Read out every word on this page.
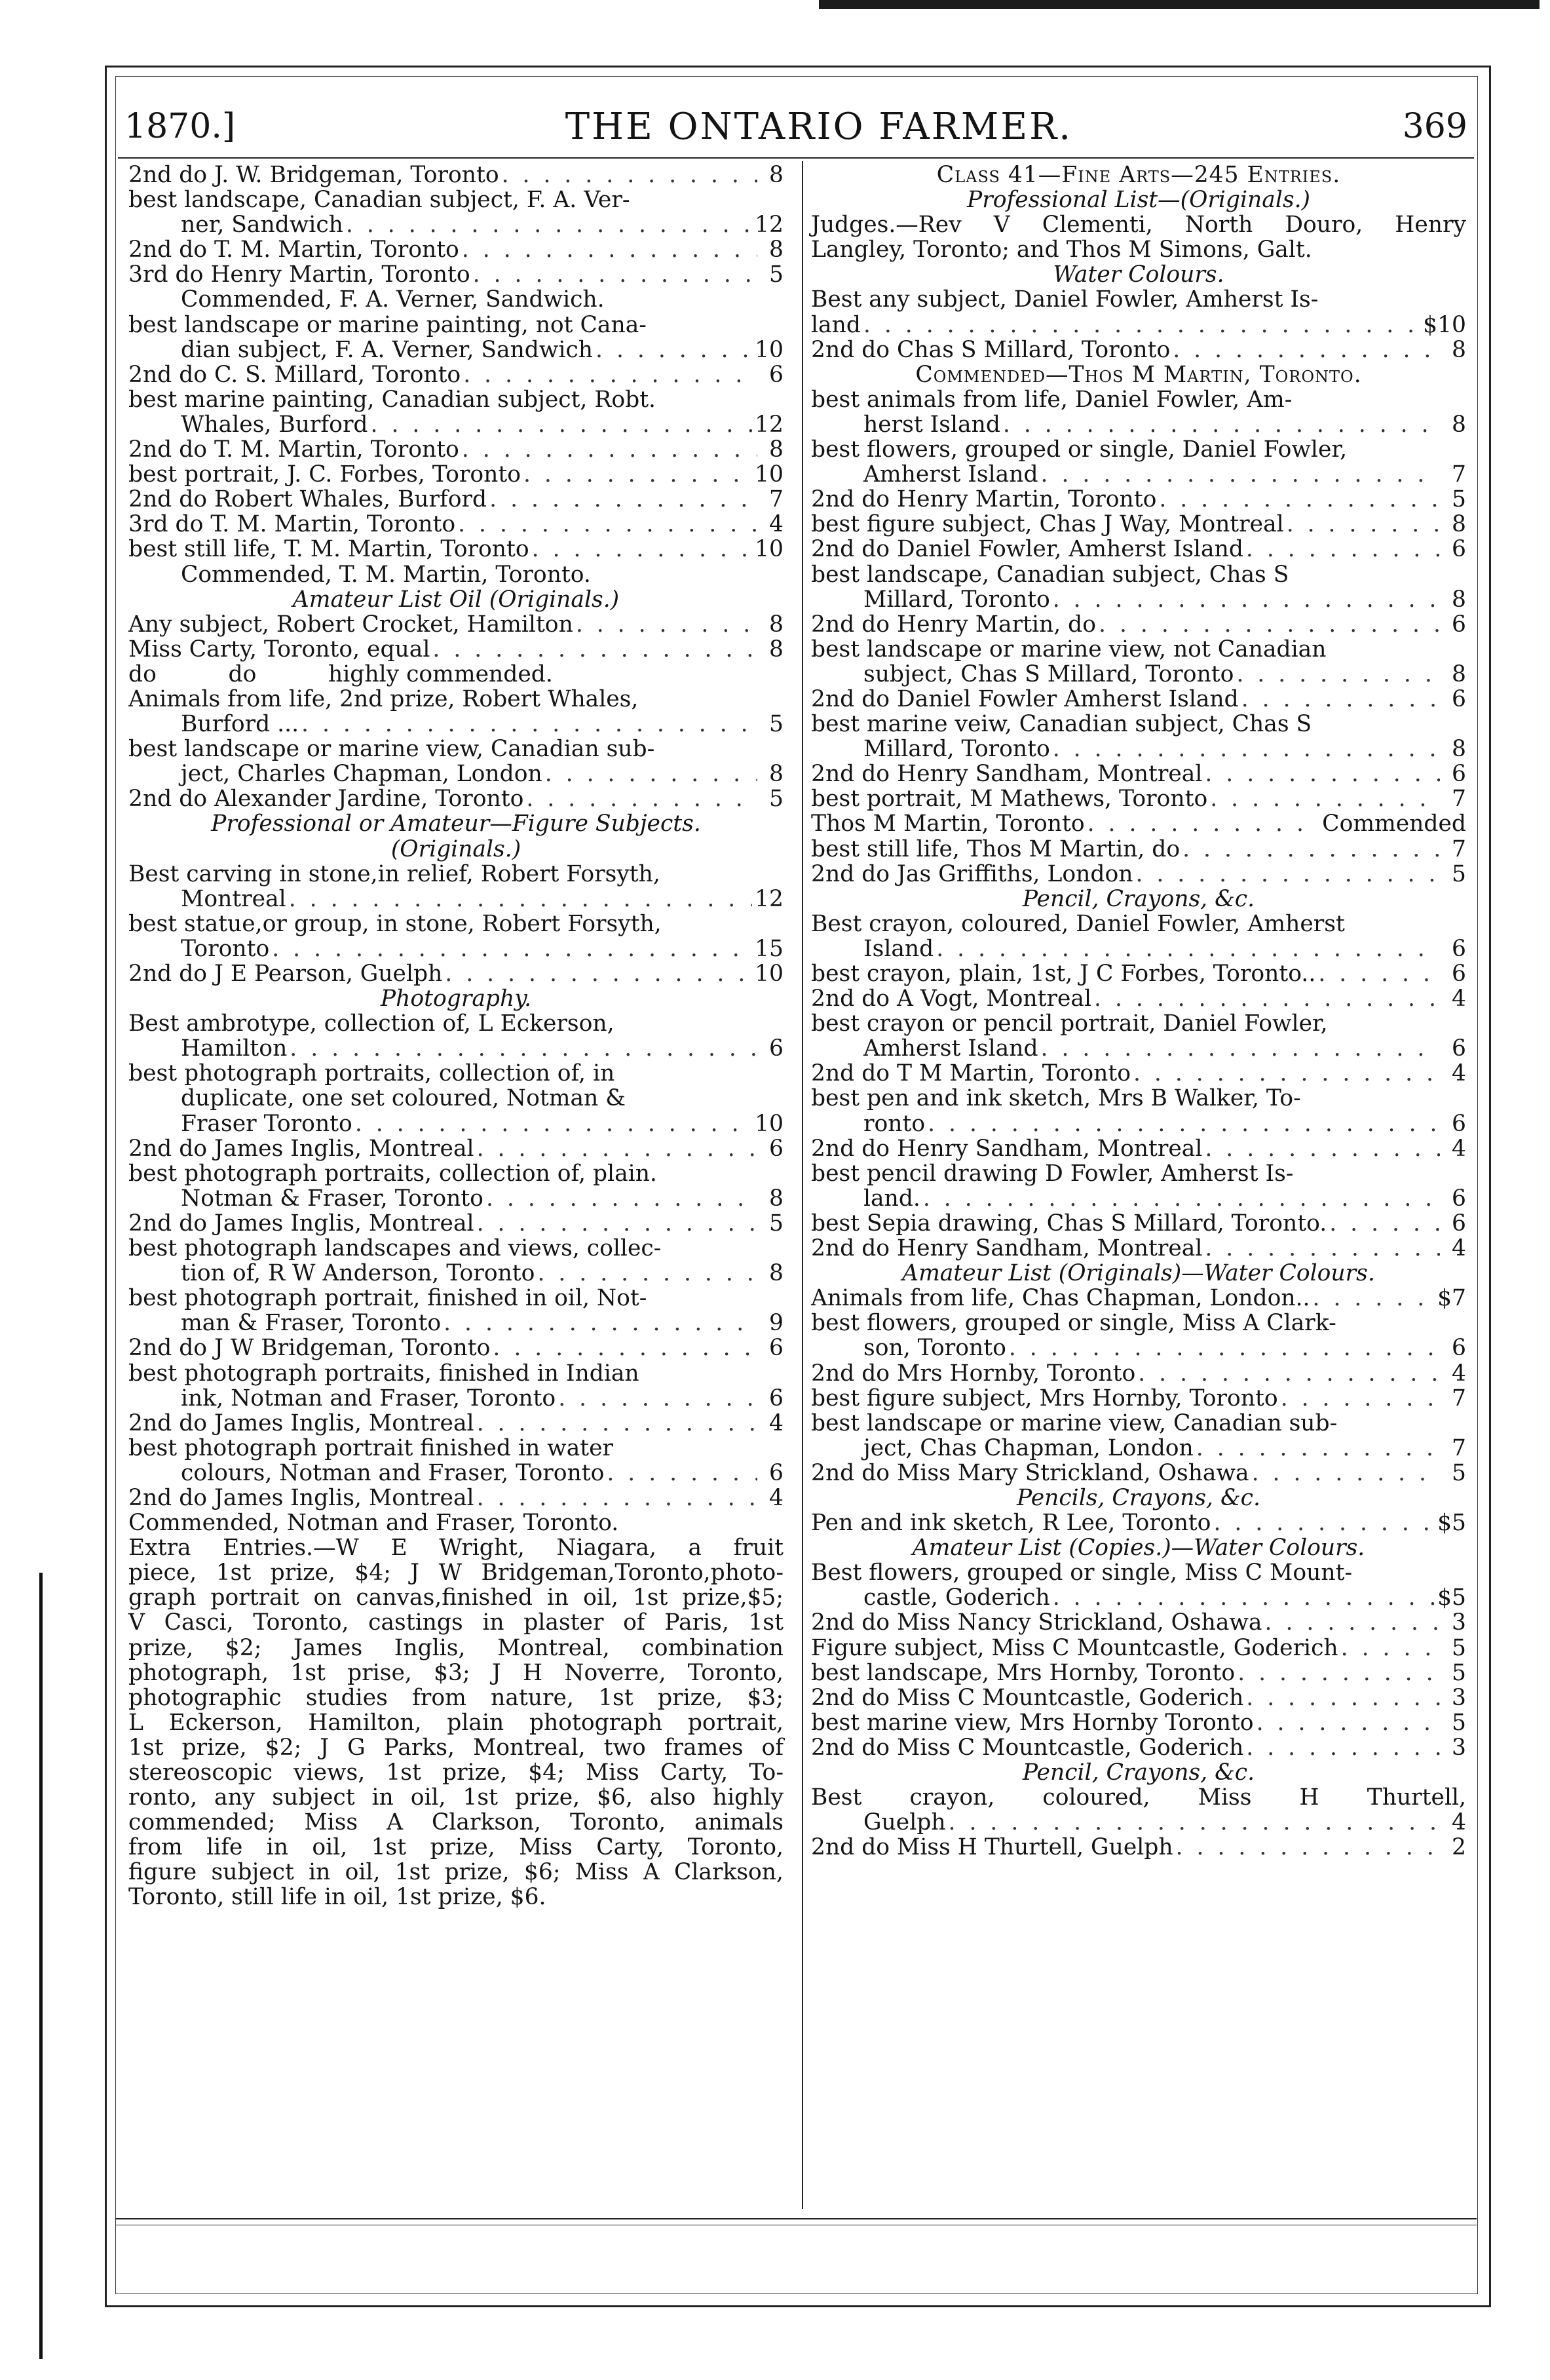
1870.]	THE ONTARIO FARMER.	369
2nd do J. W. Bridgeman, Toronto . . .	8
best landscape, Canadian subject, F. A. Ver-
ner, Sandwich . . .	12
2nd do T. M. Martin, Toronto . . .	8
3rd do Henry Martin, Toronto . . .	5
Commended, F. A. Verner, Sandwich.
best landscape or marine painting, not Cana-
dian subject, F. A. Verner, Sandwich . . .	10
2nd do C. S. Millard, Toronto . . .	6
best marine painting, Canadian subject, Robt.
Whales, Burford . . .	12
2nd do T. M. Martin, Toronto . . .	8
best portrait, J. C. Forbes, Toronto . . .	10
2nd do Robert Whales, Burford . . .	7
3rd do T. M. Martin, Toronto . . .	4
best still life, T. M. Martin, Toronto . . .	10
Commended, T. M. Martin, Toronto.
Amateur List Oil (Originals.)
Any subject, Robert Crocket, Hamilton . . .	8
Miss Carty, Toronto, equal . . .	8
do          do          highly commended.
Animals from life, 2nd prize, Robert Whales,
Burford ... . . .	5
best landscape or marine view, Canadian sub-
ject, Charles Chapman, London . . .	8
2nd do Alexander Jardine, Toronto . . .	5
Professional or Amateur—Figure Subjects.
(Originals.)
Best carving in stone,in relief, Robert Forsyth,
Montreal . . .	12
best statue,or group, in stone, Robert Forsyth,
Toronto . . .	15
2nd do J E Pearson, Guelph . . .	10
Photography.
Best ambrotype, collection of, L Eckerson,
Hamilton . . .	6
best photograph portraits, collection of, in
duplicate, one set coloured, Notman &
Fraser Toronto . . .	10
2nd do James Inglis, Montreal . . .	6
best photograph portraits, collection of, plain.
Notman & Fraser, Toronto . . .	8
2nd do James Inglis, Montreal . . .	5
best photograph landscapes and views, collec-
tion of, R W Anderson, Toronto . . .	8
best photograph portrait, finished in oil, Not-
man & Fraser, Toronto . . .	9
2nd do J W Bridgeman, Toronto . . .	6
best photograph portraits, finished in Indian
ink, Notman and Fraser, Toronto . . .	6
2nd do James Inglis, Montreal . . .	4
best photograph portrait finished in water
colours, Notman and Fraser, Toronto . . .	6
2nd do James Inglis, Montreal . . .	4
Commended, Notman and Fraser, Toronto.
Extra Entries.—W E Wright, Niagara, a fruit
piece, 1st prize, $4; J W Bridgeman,Toronto,photo-
graph portrait on canvas,finished in oil, 1st prize,$5;
V Casci, Toronto, castings in plaster of Paris, 1st
prize, $2; James Inglis, Montreal, combination
photograph, 1st prise, $3; J H Noverre, Toronto,
photographic studies from nature, 1st prize, $3;
L Eckerson, Hamilton, plain photograph portrait,
1st prize, $2; J G Parks, Montreal, two frames of
stereoscopic views, 1st prize, $4; Miss Carty, To-
ronto, any subject in oil, 1st prize, $6, also highly
commended; Miss A Clarkson, Toronto, animals
from life in oil, 1st prize, Miss Carty, Toronto,
figure subject in oil, 1st prize, $6; Miss A Clarkson,
Toronto, still life in oil, 1st prize, $6.
Class 41—Fine Arts—245 Entries.
Professional List—(Originals.)
Judges.—Rev V Clementi, North Douro, Henry
Langley, Toronto; and Thos M Simons, Galt.
Water Colours.
Best any subject, Daniel Fowler, Amherst Is-
land . . .	$10
2nd do Chas S Millard, Toronto . . .	8
Commended—Thos M Martin, Toronto.
best animals from life, Daniel Fowler, Am-
herst Island . . .	8
best flowers, grouped or single, Daniel Fowler,
Amherst Island . . .	7
2nd do Henry Martin, Toronto . . .	5
best figure subject, Chas J Way, Montreal . . .	8
2nd do Daniel Fowler, Amherst Island . . .	6
best landscape, Canadian subject, Chas S
Millard, Toronto . . .	8
2nd do Henry Martin, do . . .	6
best landscape or marine view, not Canadian
subject, Chas S Millard, Toronto . . .	8
2nd do Daniel Fowler Amherst Island . . .	6
best marine veiw, Canadian subject, Chas S
Millard, Toronto . . .	8
2nd do Henry Sandham, Montreal . . .	6
best portrait, M Mathews, Toronto . . .	7
Thos M Martin, Toronto . . .	Commended
best still life, Thos M Martin, do . . .	7
2nd do Jas Griffiths, London . . .	5
Pencil, Crayons, &c.
Best crayon, coloured, Daniel Fowler, Amherst
Island . . .	6
best crayon, plain, 1st, J C Forbes, Toronto.. . . .	6
2nd do A Vogt, Montreal . . .	4
best crayon or pencil portrait, Daniel Fowler,
Amherst Island . . .	6
2nd do T M Martin, Toronto . . .	4
best pen and ink sketch, Mrs B Walker, To-
ronto . . .	6
2nd do Henry Sandham, Montreal . . .	4
best pencil drawing D Fowler, Amherst Is-
land. . . .	6
best Sepia drawing, Chas S Millard, Toronto. . . .	6
2nd do Henry Sandham, Montreal . . .	4
Amateur List (Originals)—Water Colours.
Animals from life, Chas Chapman, London.. . . .	$7
best flowers, grouped or single, Miss A Clark-
son, Toronto . . .	6
2nd do Mrs Hornby, Toronto . . .	4
best figure subject, Mrs Hornby, Toronto . . .	7
best landscape or marine view, Canadian sub-
ject, Chas Chapman, London . . .	7
2nd do Miss Mary Strickland, Oshawa . . .	5
Pencils, Crayons, &c.
Pen and ink sketch, R Lee, Toronto . . .	$5
Amateur List (Copies.)—Water Colours.
Best flowers, grouped or single, Miss C Mount-
castle, Goderich . . .	$5
2nd do Miss Nancy Strickland, Oshawa . . .	3
Figure subject, Miss C Mountcastle, Goderich . . .	5
best landscape, Mrs Hornby, Toronto . . .	5
2nd do Miss C Mountcastle, Goderich . . .	3
best marine view, Mrs Hornby Toronto . . .	5
2nd do Miss C Mountcastle, Goderich . . .	3
Pencil, Crayons, &c.
Best crayon, coloured, Miss H Thurtell,
Guelph . . .	4
2nd do Miss H Thurtell, Guelph . . .	2
